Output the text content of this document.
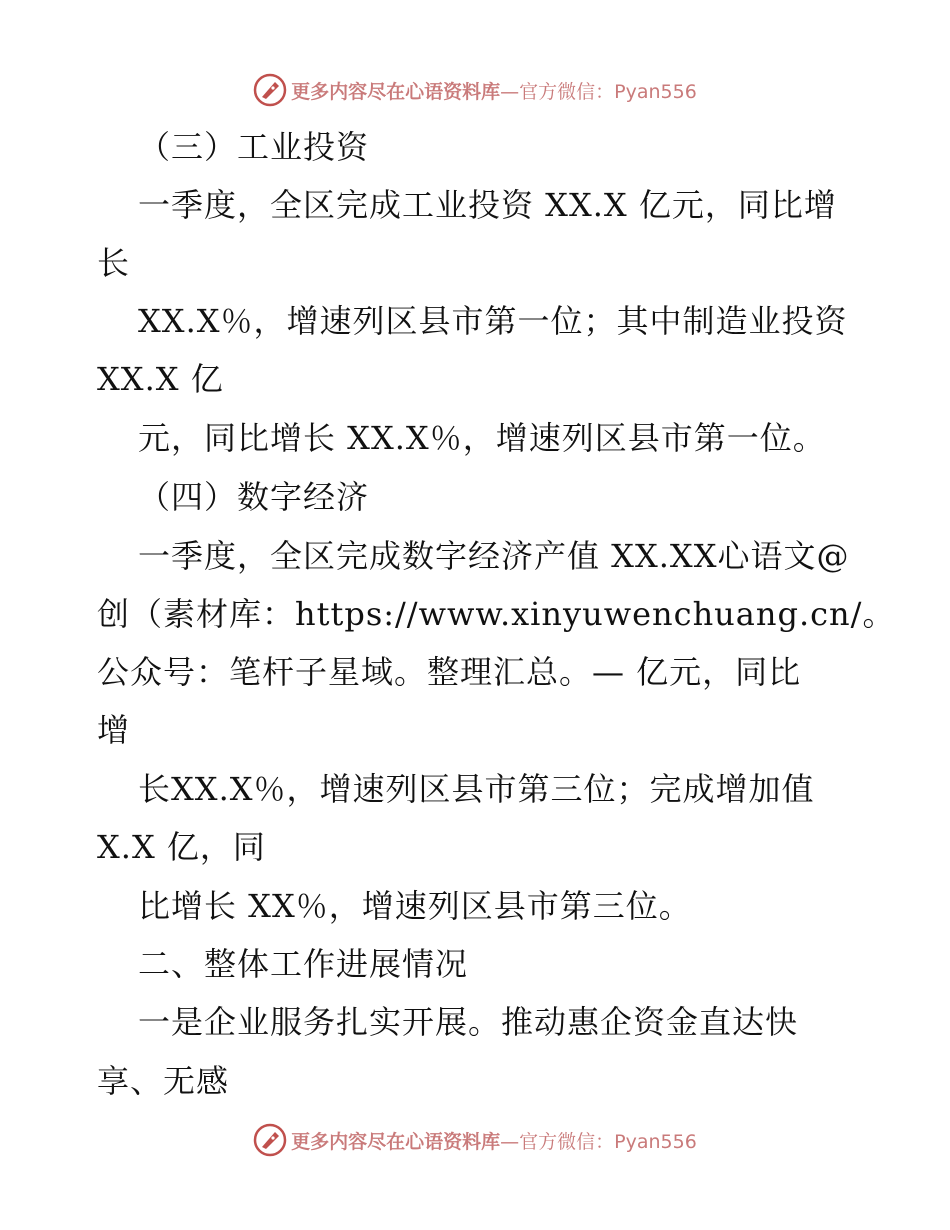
更多内容尽在心语资料库 —官方微信：Pyan556
（三）工业投资
一季度，全区完成工业投资 XX.X 亿元，同比增
长
XX.X％，增速列区县市第一位；其中制造业投资
XX.X 亿
元，同比增长 XX.X％，增速列区县市第一位。
（四）数字经济
一季度，全区完成数字经济产值 XX.XX心语文@
创（素材库：https://www.xinyuwenchuang.cn/。
公众号：笔杆子星域。整理汇总。— 亿元，同比
增
长XX.X％，增速列区县市第三位；完成增加值
X.X 亿，同
比增长 XX％，增速列区县市第三位。
二、整体工作进展情况
一是企业服务扎实开展。推动惠企资金直达快
享、无感
更多内容尽在心语资料库 —官方微信：Pyan556
